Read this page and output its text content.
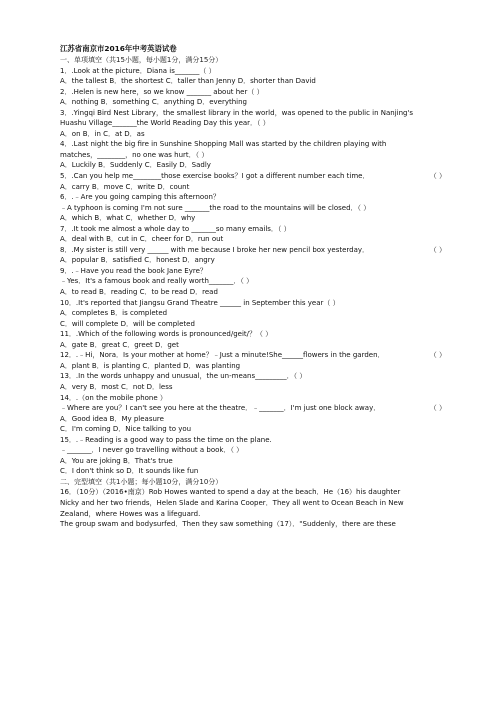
江苏省南京市2016年中考英语试卷
一、单项填空（共15小题，每小题1分，满分15分）
1．.Look at the picture．Diana is_______（ ）
A．the tallest B．the shortest C．taller than Jenny D．shorter than David
2．.Helen is new here，so we know _______ about her（ ）
A．nothing B．something C．anything D．everything
3．.Yingqi Bird Nest Library，the smallest library in the world，was opened to the public in Nanjing's
Huashu Village_______the World Reading Day this year．（ ）
A．on B．in C．at D．as
4．.Last night the big fire in Sunshine Shopping Mall was started by the children playing with
matches，________，no one was hurt．（ ）
A．Luckily B．Suddenly C．Easily D．Sadly
5．.Can you help me________those exercise books？I got a different number each time．	（ ）
A．carry B．move C．write D．count
6．.﹣Are you going camping this afternoon？
﹣A typhoon is coming I'm not sure _______the road to the mountains will be closed．（ ）
A．which B．what C．whether D．why
7．.It took me almost a whole day to _______so many emails．（ ）
A．deal with B．cut in C．cheer for D．run out
8．.My sister is still very ______ with me because I broke her new pencil box yesterday．	（ ）
A．popular B．satisfied C．honest D．angry
9．.﹣Have you read the book Jane Eyre？
﹣Yes．It's a famous book and really worth_______．（ ）
A．to read B．reading C．to be read D．read
10．.It's reported that Jiangsu Grand Theatre ______ in September this year（ ）
A．completes B．is completed
C．will complete D．will be completed
11．.Which of the following words is pronounced/geit/？（ ）
A．gate B．great C．greet D．get
12．.﹣Hi，Nora．Is your mother at home？﹣Just a minute!She______flowers in the garden．	（ ）
A．plant B．is planting C．planted D．was planting
13．.In the words unhappy and unusual，the un-means_________．（ ）
A．very B．most C．not D．less
14．.（on the mobile phone ）
﹣Where are you？I can't see you here at the theatre．﹣_______．I'm just one block away．	（ ）
A．Good idea B．My pleasure
C．I'm coming D．Nice talking to you
15．.﹣Reading is a good way to pass the time on the plane.
﹣_______．I never go travelling without a book．（ ）
A．You are joking B．That's true
C．I don't think so D．It sounds like fun
二、完型填空（共1小题；每小题10分，满分10分）
16．（10分）（2016•南京）Rob Howes wanted to spend a day at the beach．He（16）his daughter
Nicky and her two friends，Helen Slade and Karina Cooper．They all went to Ocean Beach in New
Zealand，where Howes was a lifeguard.
The group swam and bodysurfed．Then they saw something（17）．"Suddenly，there are these
